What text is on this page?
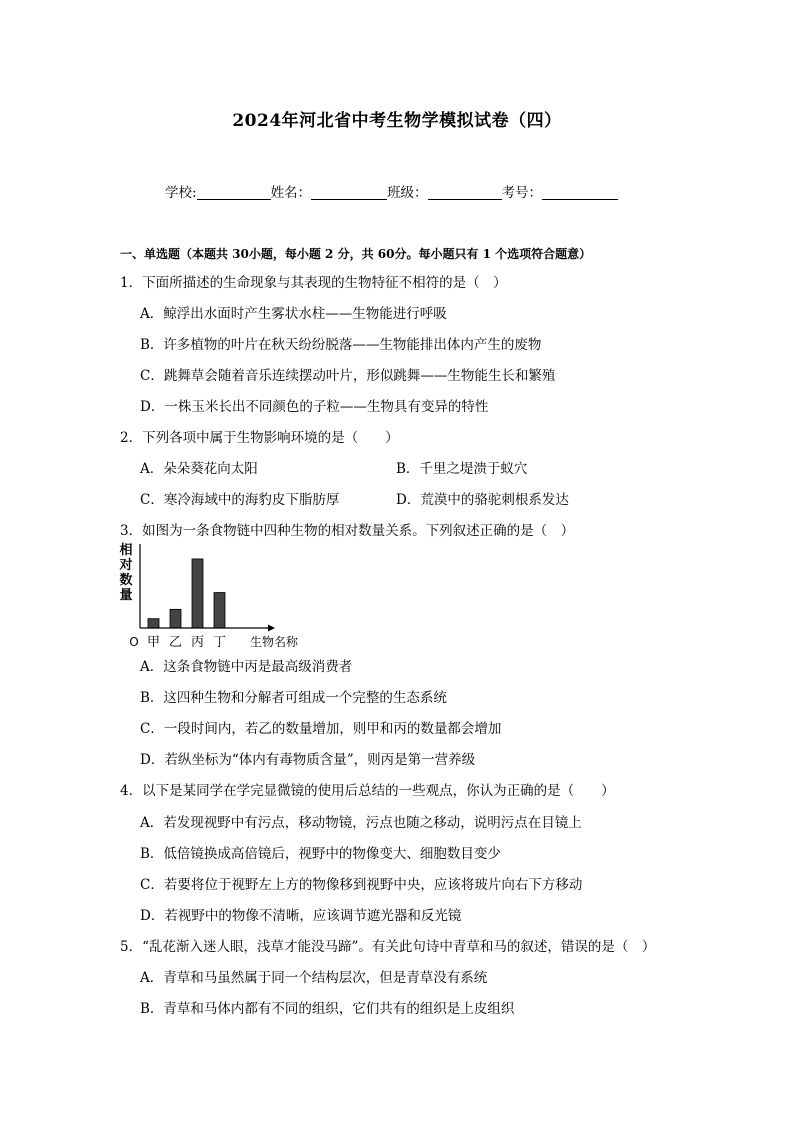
2024年河北省中考生物学模拟试卷（四）
学校:	姓名：	班级：	考号：
一、单选题（本题共 30小题，每小题 2 分，共 60分。每小题只有 1 个选项符合题意）
1．下面所描述的生命现象与其表现的生物特征不相符的是（　）
A．鲸浮出水面时产生雾状水柱——生物能进行呼吸
B．许多植物的叶片在秋天纷纷脱落——生物能排出体内产生的废物
C．跳舞草会随着音乐连续摆动叶片，形似跳舞——生物能生长和繁殖
D．一株玉米长出不同颜色的子粒——生物具有变异的特性
2．下列各项中属于生物影响环境的是（　　）
A．朵朵葵花向太阳	B．千里之堤溃于蚁穴
C．寒冷海域中的海豹皮下脂肪厚	D．荒漠中的骆驼刺根系发达
3．如图为一条食物链中四种生物的相对数量关系。下列叙述正确的是（　）
O	生物名称
相
对
数
量
甲 乙 丙 丁
A．这条食物链中丙是最高级消费者
B．这四种生物和分解者可组成一个完整的生态系统
C．一段时间内，若乙的数量增加，则甲和丙的数量都会增加
D．若纵坐标为“体内有毒物质含量”，则丙是第一营养级
4．以下是某同学在学完显微镜的使用后总结的一些观点，你认为正确的是（　　）
A．若发现视野中有污点，移动物镜，污点也随之移动，说明污点在目镜上
B．低倍镜换成高倍镜后，视野中的物像变大、细胞数目变少
C．若要将位于视野左上方的物像移到视野中央，应该将玻片向右下方移动
D．若视野中的物像不清晰，应该调节遮光器和反光镜
5．“乱花渐入迷人眼，浅草才能没马蹄”。有关此句诗中青草和马的叙述，错误的是（　）
A．青草和马虽然属于同一个结构层次，但是青草没有系统
B．青草和马体内都有不同的组织，它们共有的组织是上皮组织
